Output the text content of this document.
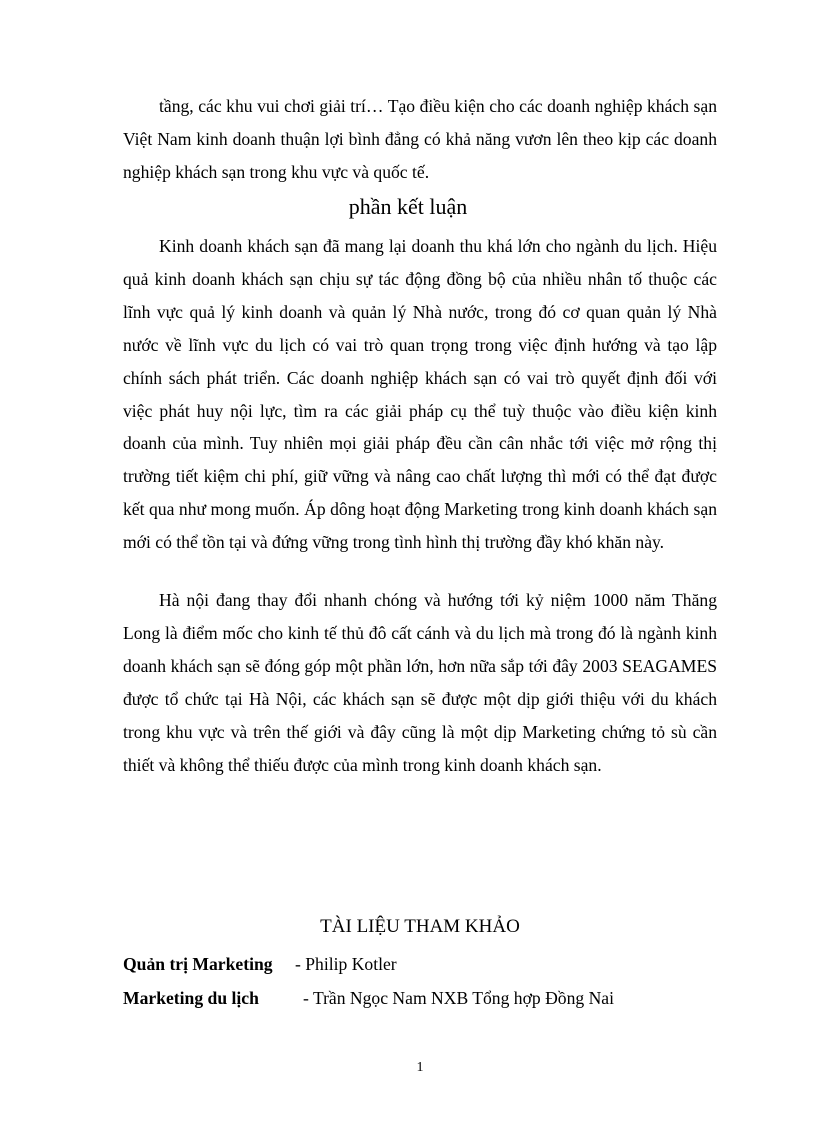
tầng, các khu vui chơi giải trí… Tạo điều kiện cho các doanh nghiệp khách sạn Việt Nam kinh doanh thuận lợi bình đẳng có khả năng vươn lên theo kịp các doanh nghiệp khách sạn trong khu vực và quốc tế.
phần kết luận

Kinh doanh khách sạn đã mang lại doanh thu khá lớn cho ngành du lịch. Hiệu quả kinh doanh khách sạn chịu sự tác động đồng bộ của nhiều nhân tố thuộc các lĩnh vực quả lý kinh doanh và quản lý Nhà nước, trong đó cơ quan quản lý Nhà nước về lĩnh vực du lịch có vai trò quan trọng trong việc định hướng và tạo lập chính sách phát triển. Các doanh nghiệp khách sạn có vai trò quyết định đối với việc phát huy nội lực, tìm ra các giải pháp cụ thể tuỳ thuộc vào điều kiện kinh doanh của mình. Tuy nhiên mọi giải pháp đều cần cân nhắc tới việc mở rộng thị trường tiết kiệm chi phí, giữ vững và nâng cao chất lượng thì mới có thể đạt được kết qua như mong muốn. Áp dông hoạt động Marketing trong kinh doanh khách sạn mới có thể tồn tại và đứng vững trong tình hình thị trường đầy khó khăn này.

Hà nội đang thay đổi nhanh chóng và hướng tới kỷ niệm 1000 năm Thăng Long là điểm mốc cho kinh tế thủ đô cất cánh và du lịch mà trong đó là ngành kinh doanh khách sạn sẽ đóng góp một phần lớn, hơn nữa sắp tới đây 2003 SEAGAMES được tổ chức tại Hà Nội, các khách sạn sẽ được một dịp giới thiệu với du khách trong khu vực và trên thế giới và đây cũng là một dịp Marketing chứng tỏ sù cần thiết và không thể thiếu được của mình trong kinh doanh khách sạn.

TÀI LIỆU THAM KHẢO
Quản trị Marketing - Philip Kotler
Marketing du lịch	- Trần Ngọc Nam NXB Tổng hợp Đồng Nai
1
